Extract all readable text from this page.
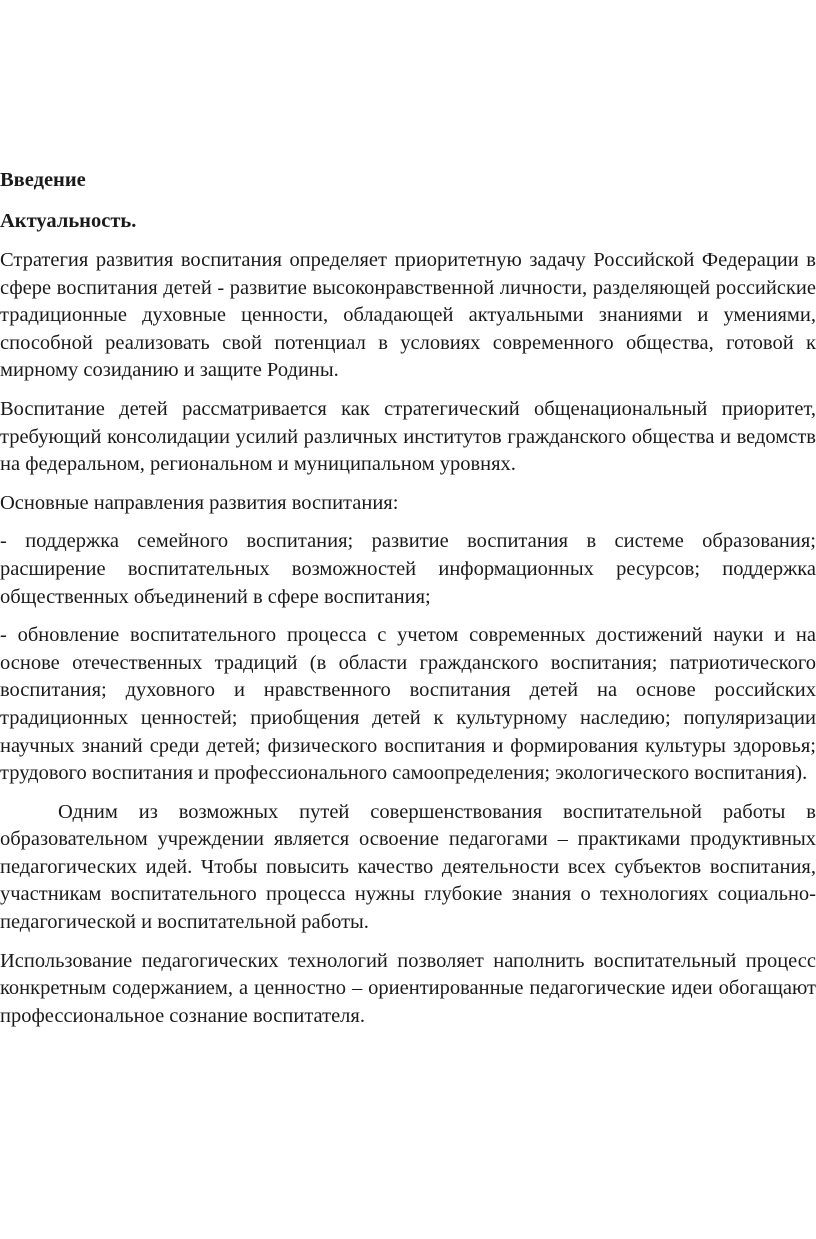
Введение

Актуальность.

Стратегия развития воспитания определяет приоритетную задачу Российской Федерации в сфере воспитания детей - развитие высоконравственной личности, разделяющей российские традиционные духовные ценности, обладающей актуальными знаниями и умениями, способной реализовать свой потенциал в условиях современного общества, готовой к мирному созиданию и защите Родины.

Воспитание детей рассматривается как стратегический общенациональный приоритет, требующий консолидации усилий различных институтов гражданского общества и ведомств на федеральном, региональном и муниципальном уровнях.

Основные направления развития воспитания:

- поддержка семейного воспитания; развитие воспитания в системе образования; расширение воспитательных возможностей информационных ресурсов; поддержка общественных объединений в сфере воспитания;

- обновление воспитательного процесса с учетом современных достижений науки и на основе отечественных традиций (в области гражданского воспитания; патриотического воспитания; духовного и нравственного воспитания детей на основе российских традиционных ценностей; приобщения детей к культурному наследию; популяризации научных знаний среди детей; физического воспитания и формирования культуры здоровья; трудового воспитания и профессионального самоопределения; экологического воспитания).

Одним из возможных путей совершенствования воспитательной работы в образовательном учреждении является освоение педагогами – практиками продуктивных педагогических идей. Чтобы повысить качество деятельности всех субъектов воспитания, участникам воспитательного процесса нужны глубокие знания о технологиях социально-педагогической и воспитательной работы.

Использование педагогических технологий позволяет наполнить воспитательный процесс конкретным содержанием, а ценностно – ориентированные педагогические идеи обогащают профессиональное сознание воспитателя.
